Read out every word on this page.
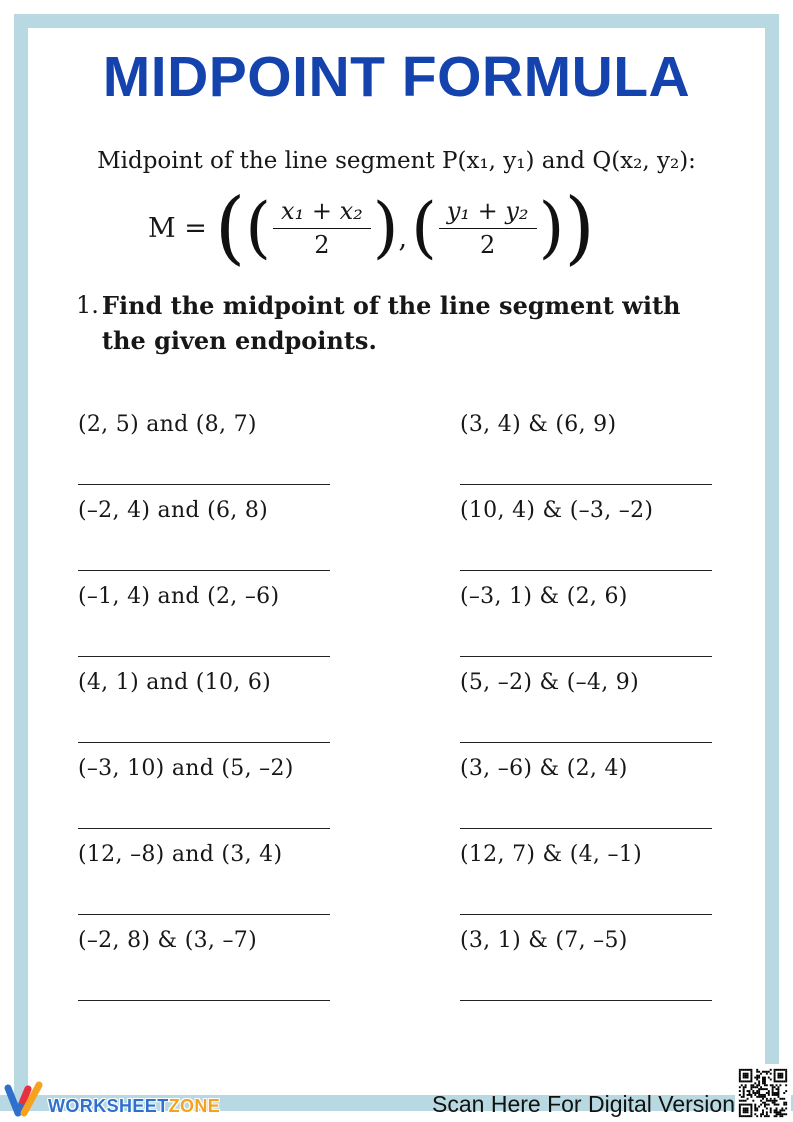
MIDPOINT FORMULA
Midpoint of the line segment P(x₁, y₁) and Q(x₂, y₂):
M = ( ( $\frac{\text{x₁ + x₂}}{2}$ ) , ( $\frac{\text{y₁ + y₂}}{2}$ ) )
1. Find the midpoint of the line segment with
the given endpoints.
(2, 5) and (8, 7)	(3, 4) & (6, 9)
(–2, 4) and (6, 8)	(10, 4) & (–3, –2)
(–1, 4) and (2, –6)	(–3, 1) & (2, 6)
(4, 1) and (10, 6)	(5, –2) & (–4, 9)
(–3, 10) and (5, –2)	(3, –6) & (2, 4)
(12, –8) and (3, 4)	(12, 7) & (4, –1)
(–2, 8) & (3, –7)	(3, 1) & (7, –5)
WORKSHEETZONE	Scan Here For Digital Version
